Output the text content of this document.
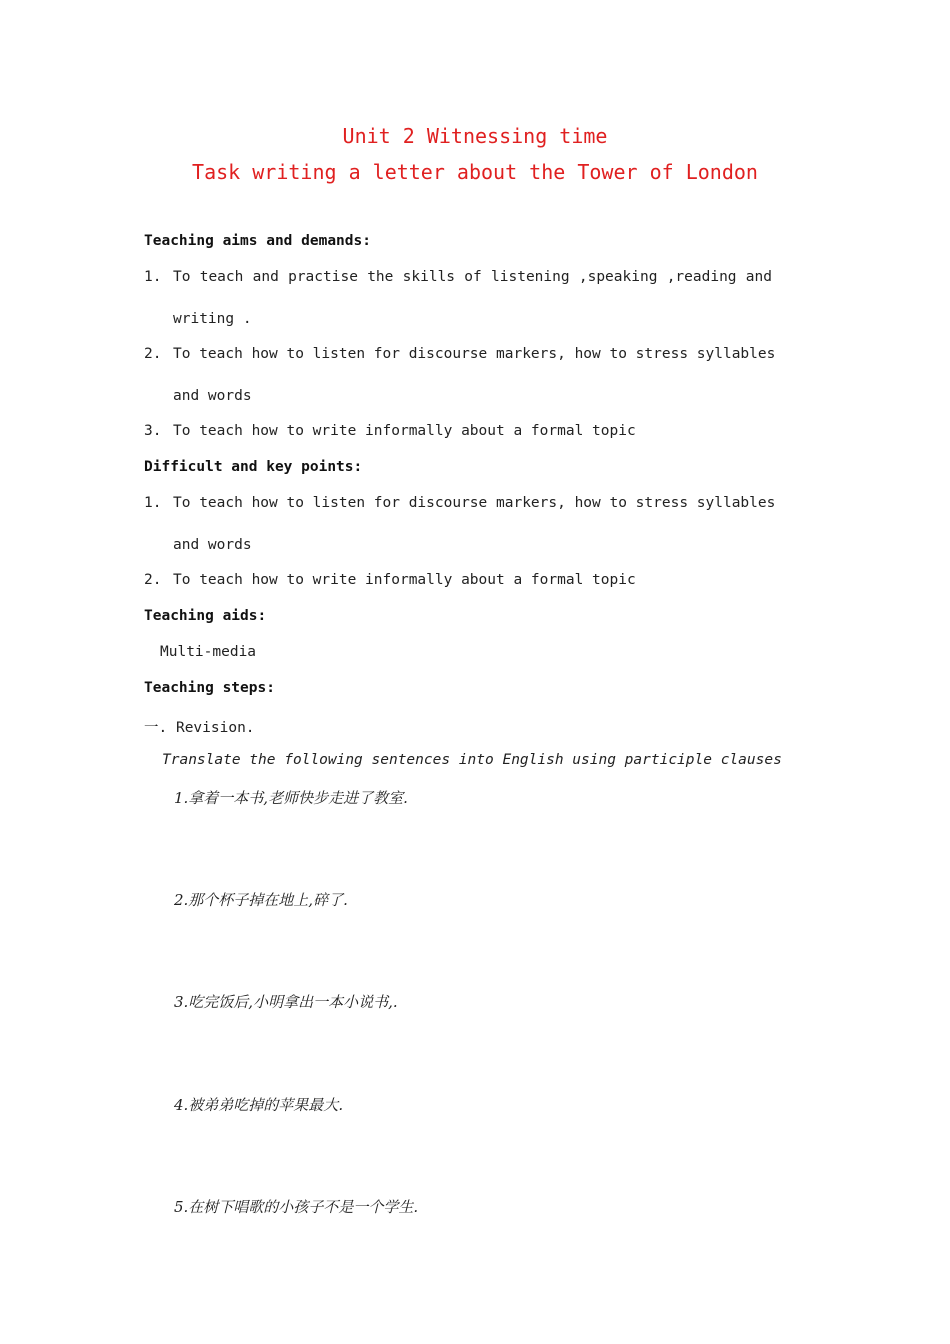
Unit 2 Witnessing time
Task writing a letter about the Tower of London
Teaching aims and demands:
1. To teach and practise the skills of listening ,speaking ,reading and
writing .
2. To teach how to listen for discourse markers, how to stress syllables
and words
3. To teach how to write informally about a formal topic
Difficult and key points:
1. To teach how to listen for discourse markers, how to stress syllables
and words
2. To teach how to write informally about a formal topic
Teaching aids:
Multi-media
Teaching steps:
一. Revision.
Translate the following sentences into English using participle clauses
1.拿着一本书,老师快步走进了教室.
2.那个杯子掉在地上,碎了.
3.吃完饭后,小明拿出一本小说书,.
4.被弟弟吃掉的苹果最大.
5.在树下唱歌的小孩子不是一个学生.
